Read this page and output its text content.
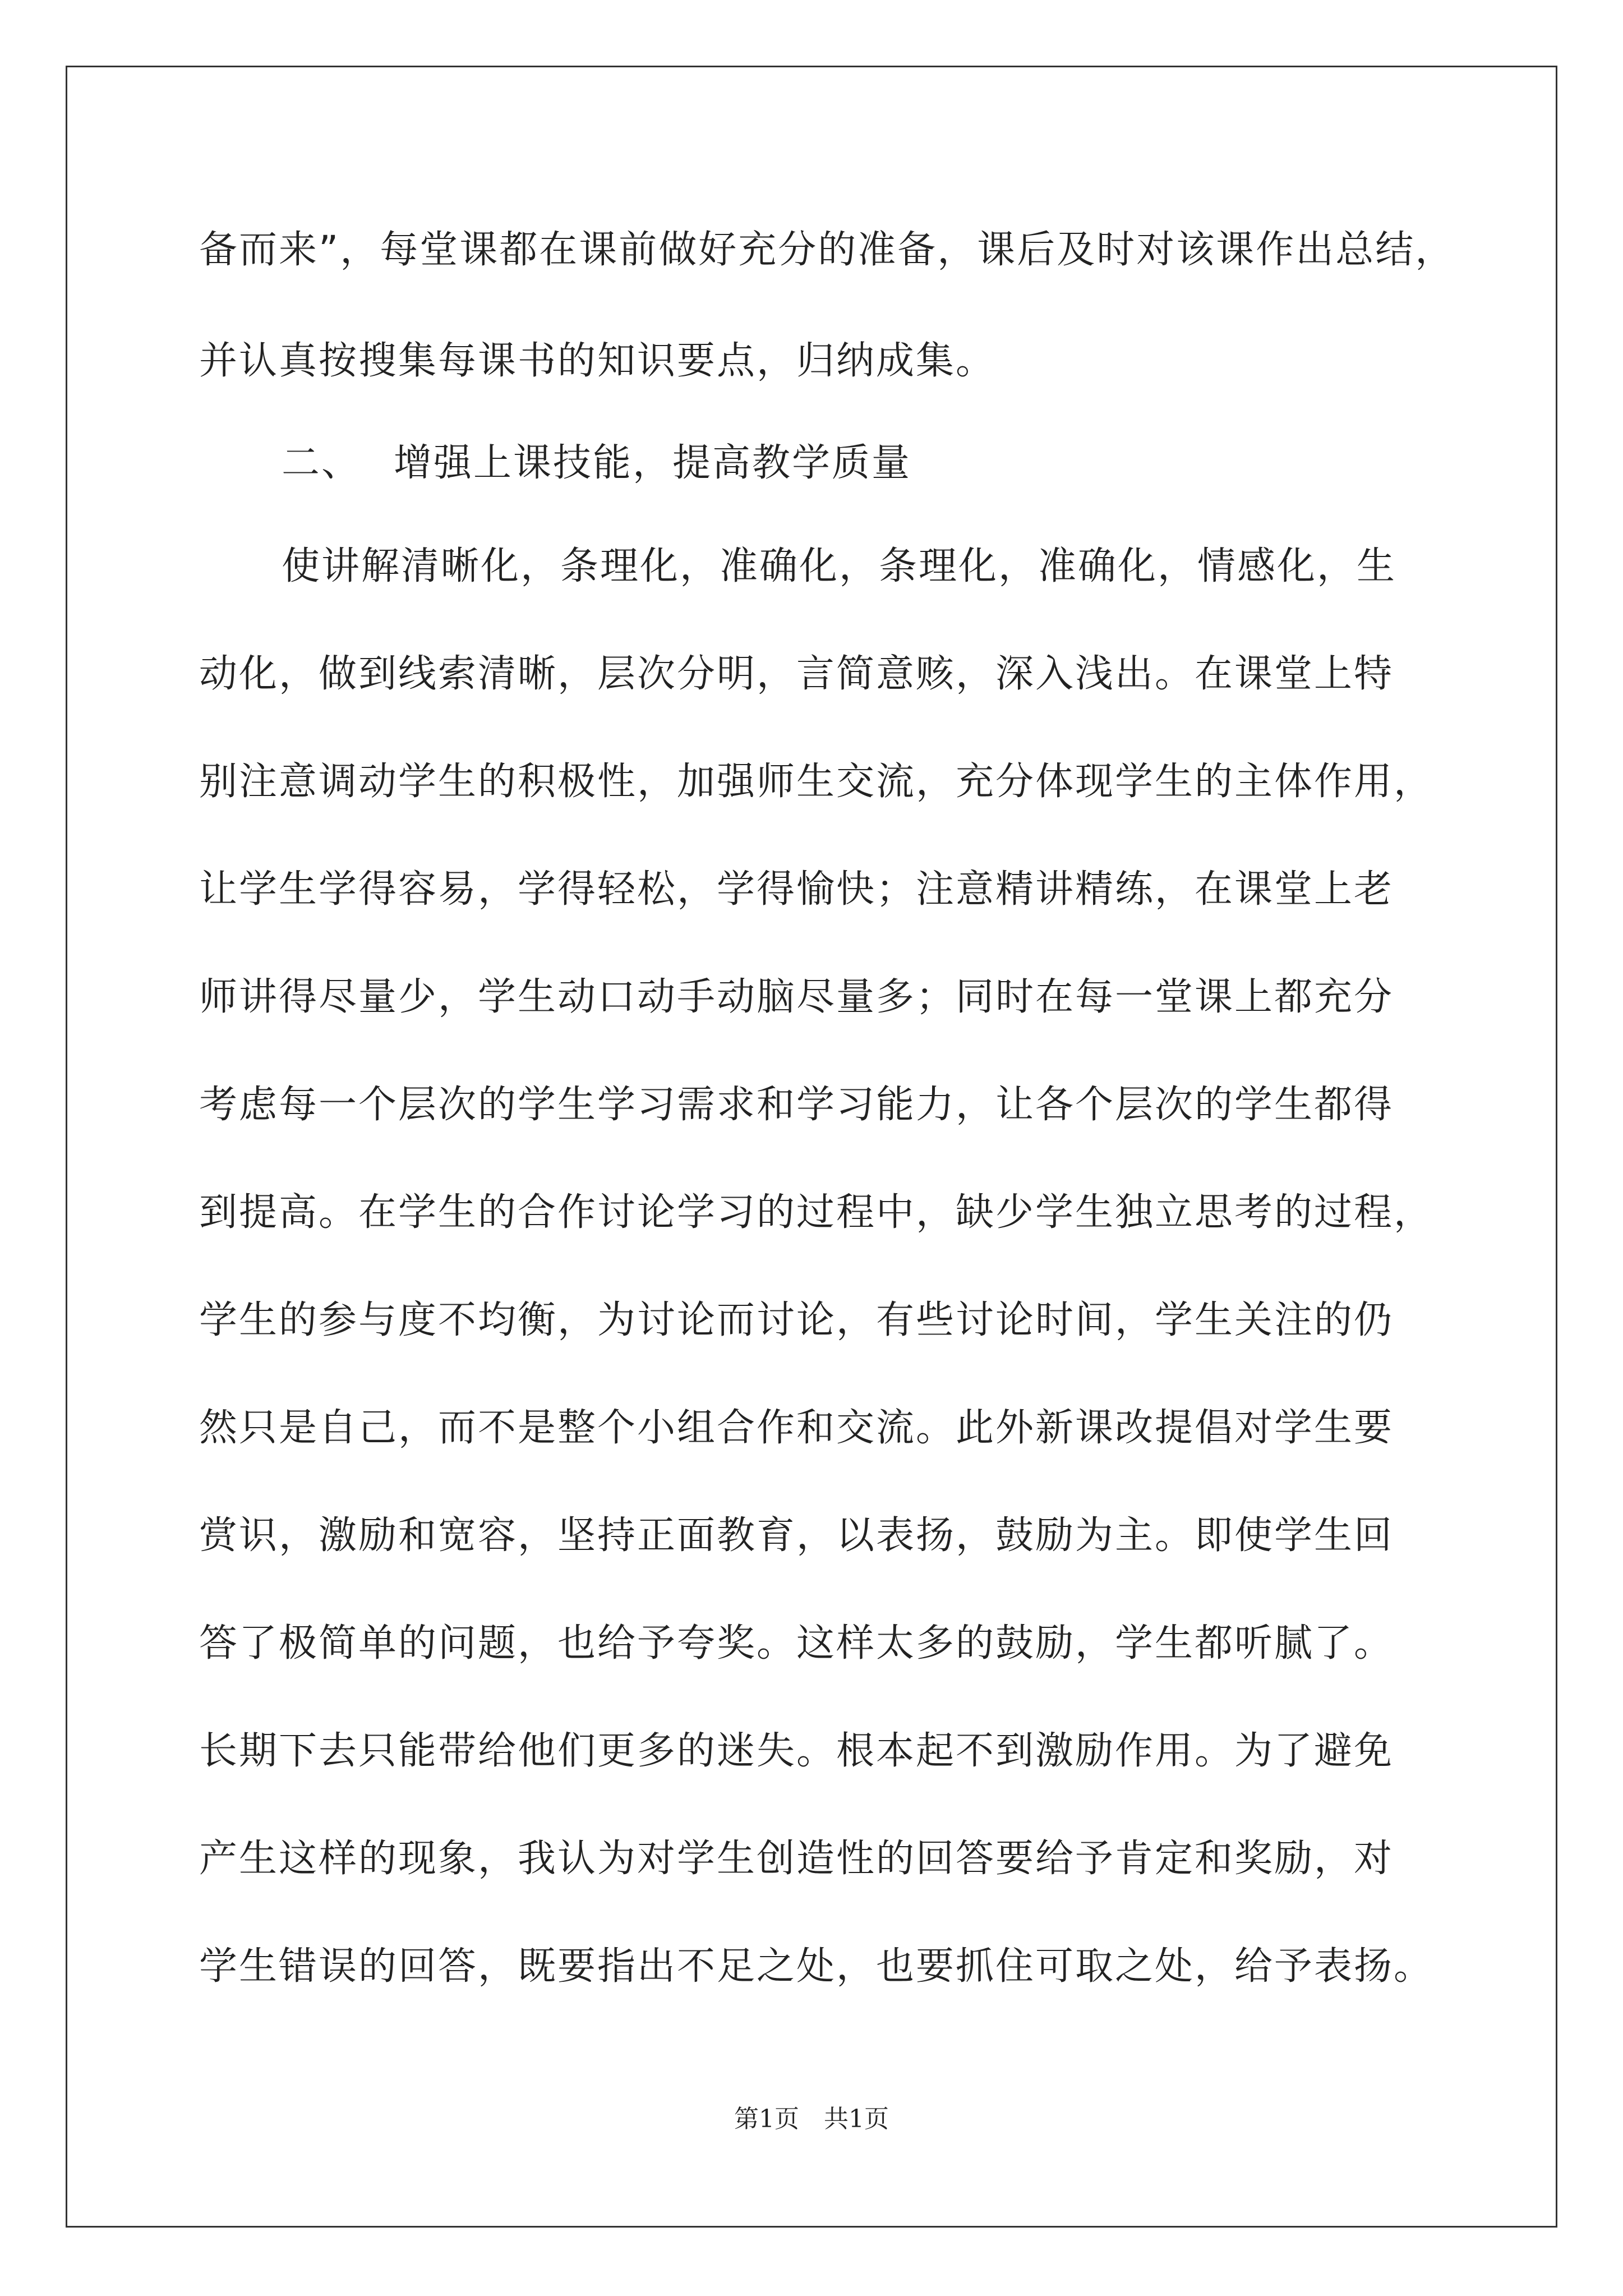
备而来”，每堂课都在课前做好充分的准备，课后及时对该课作出总结，
并认真按搜集每课书的知识要点，归纳成集。
二、 增强上课技能，提高教学质量
使讲解清晰化，条理化，准确化，条理化，准确化，情感化，生
动化，做到线索清晰，层次分明，言简意赅，深入浅出。在课堂上特
别注意调动学生的积极性，加强师生交流，充分体现学生的主体作用，
让学生学得容易，学得轻松，学得愉快；注意精讲精练，在课堂上老
师讲得尽量少，学生动口动手动脑尽量多；同时在每一堂课上都充分
考虑每一个层次的学生学习需求和学习能力，让各个层次的学生都得
到提高。在学生的合作讨论学习的过程中，缺少学生独立思考的过程，
学生的参与度不均衡，为讨论而讨论，有些讨论时间，学生关注的仍
然只是自己，而不是整个小组合作和交流。此外新课改提倡对学生要
赏识，激励和宽容，坚持正面教育，以表扬，鼓励为主。即使学生回
答了极简单的问题，也给予夸奖。这样太多的鼓励，学生都听腻了。
长期下去只能带给他们更多的迷失。根本起不到激励作用。为了避免
产生这样的现象，我认为对学生创造性的回答要给予肯定和奖励，对
学生错误的回答，既要指出不足之处，也要抓住可取之处，给予表扬。
第1页 共1页
